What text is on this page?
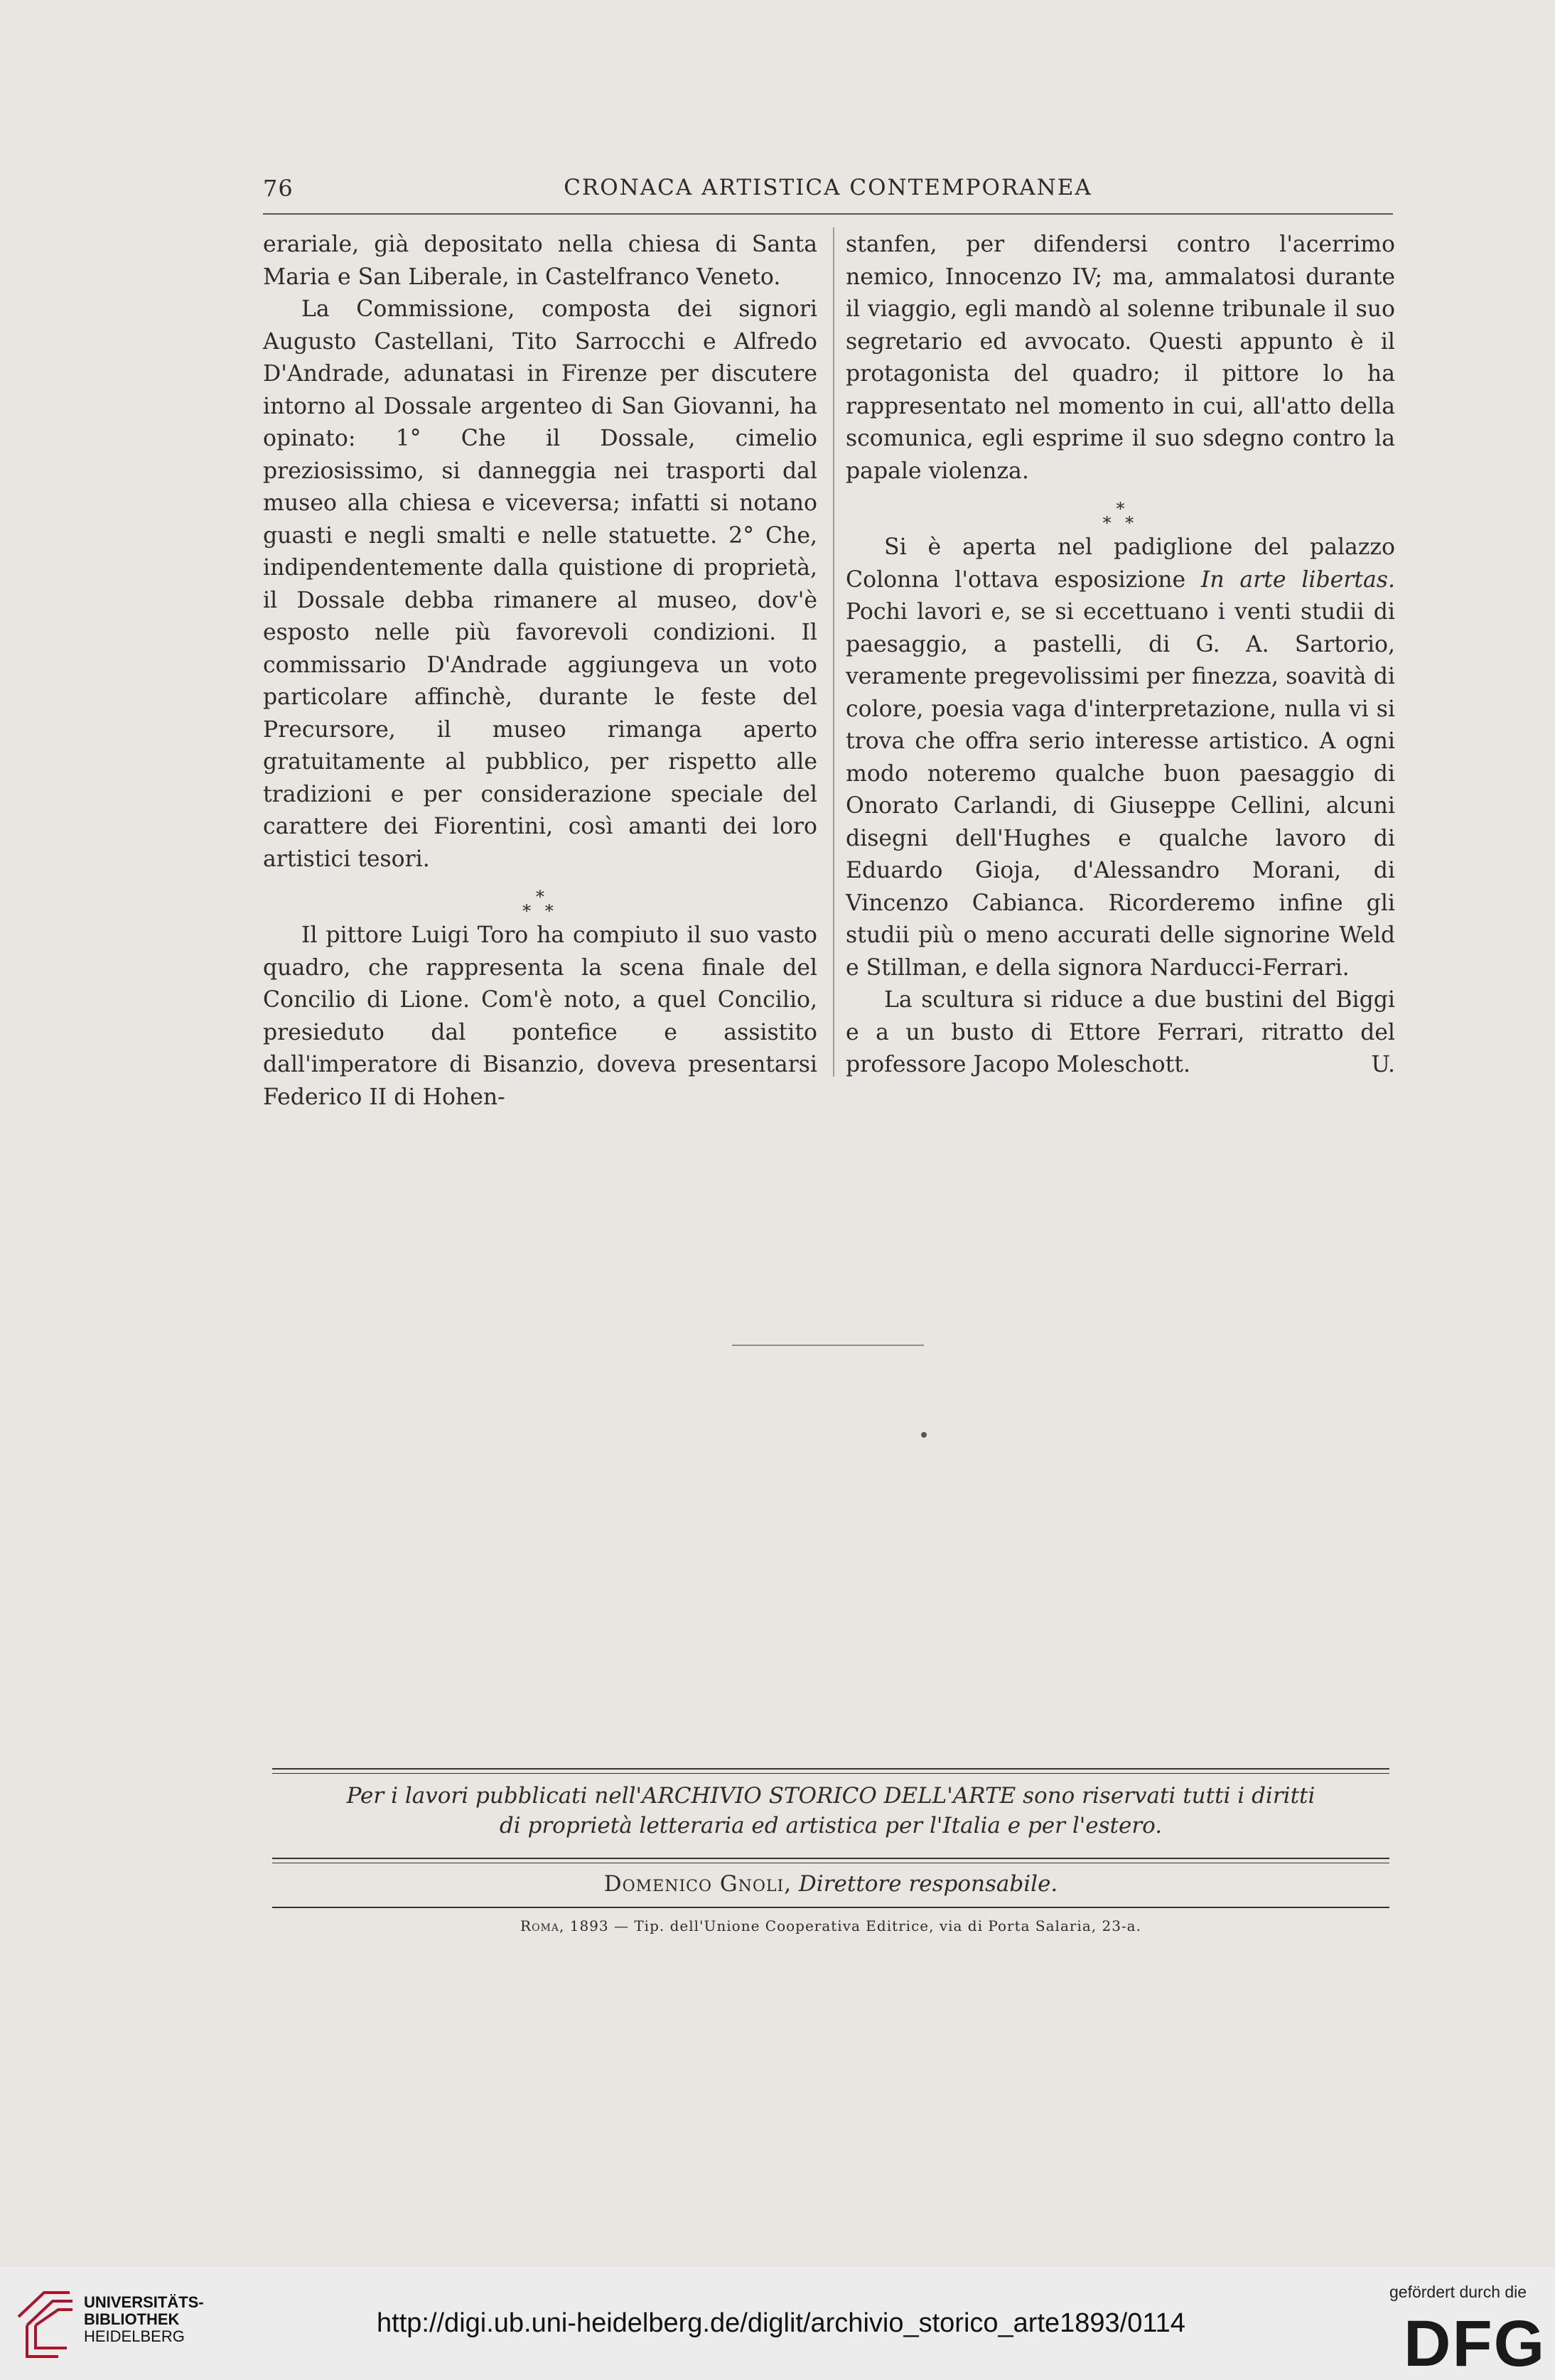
76	CRONACA ARTISTICA CONTEMPORANEA

erariale, già depositato nella chiesa di Santa Maria e San Liberale, in Castelfranco Veneto.

La Commissione, composta dei signori Augusto Castellani, Tito Sarrocchi e Alfredo D'Andrade, adunatasi in Firenze per discutere intorno al Dossale argenteo di San Giovanni, ha opinato: 1° Che il Dossale, cimelio preziosissimo, si danneggia nei trasporti dal museo alla chiesa e viceversa; infatti si notano guasti e negli smalti e nelle statuette. 2° Che, indipendentemente dalla quistione di proprietà, il Dossale debba rimanere al museo, dov'è esposto nelle più favorevoli condizioni. Il commissario D'Andrade aggiungeva un voto particolare affinchè, durante le feste del Precursore, il museo rimanga aperto gratuitamente al pubblico, per rispetto alle tradizioni e per considerazione speciale del carattere dei Fiorentini, così amanti dei loro artistici tesori.

*
* *

Il pittore Luigi Toro ha compiuto il suo vasto quadro, che rappresenta la scena finale del Concilio di Lione. Com'è noto, a quel Concilio, presieduto dal pontefice e assistito dall'imperatore di Bisanzio, doveva presentarsi Federico II di Hohen-

stanfen, per difendersi contro l'acerrimo nemico, Innocenzo IV; ma, ammalatosi durante il viaggio, egli mandò al solenne tribunale il suo segretario ed avvocato. Questi appunto è il protagonista del quadro; il pittore lo ha rappresentato nel momento in cui, all'atto della scomunica, egli esprime il suo sdegno contro la papale violenza.

*
* *

Si è aperta nel padiglione del palazzo Colonna l'ottava esposizione In arte libertas. Pochi lavori e, se si eccettuano i venti studii di paesaggio, a pastelli, di G. A. Sartorio, veramente pregevolissimi per finezza, soavità di colore, poesia vaga d'interpretazione, nulla vi si trova che offra serio interesse artistico. A ogni modo noteremo qualche buon paesaggio di Onorato Carlandi, di Giuseppe Cellini, alcuni disegni dell'Hughes e qualche lavoro di Eduardo Gioja, d'Alessandro Morani, di Vincenzo Cabianca. Ricorderemo infine gli studii più o meno accurati delle signorine Weld e Stillman, e della signora Narducci-Ferrari.

La scultura si riduce a due bustini del Biggi e a un busto di Ettore Ferrari, ritratto del professore Jacopo Moleschott.	U.

Per i lavori pubblicati nell'ARCHIVIO STORICO DELL'ARTE sono riservati tutti i diritti
di proprietà letteraria ed artistica per l'Italia e per l'estero.
Domenico Gnoli, Direttore responsabile.
Roma, 1893 — Tip. dell'Unione Cooperativa Editrice, via di Porta Salaria, 23-a.
UNIVERSITÄTS-
BIBLIOTHEK
HEIDELBERG	http://digi.ub.uni-heidelberg.de/diglit/archivio_storico_arte1893/0114
gefördert durch die
DFG
